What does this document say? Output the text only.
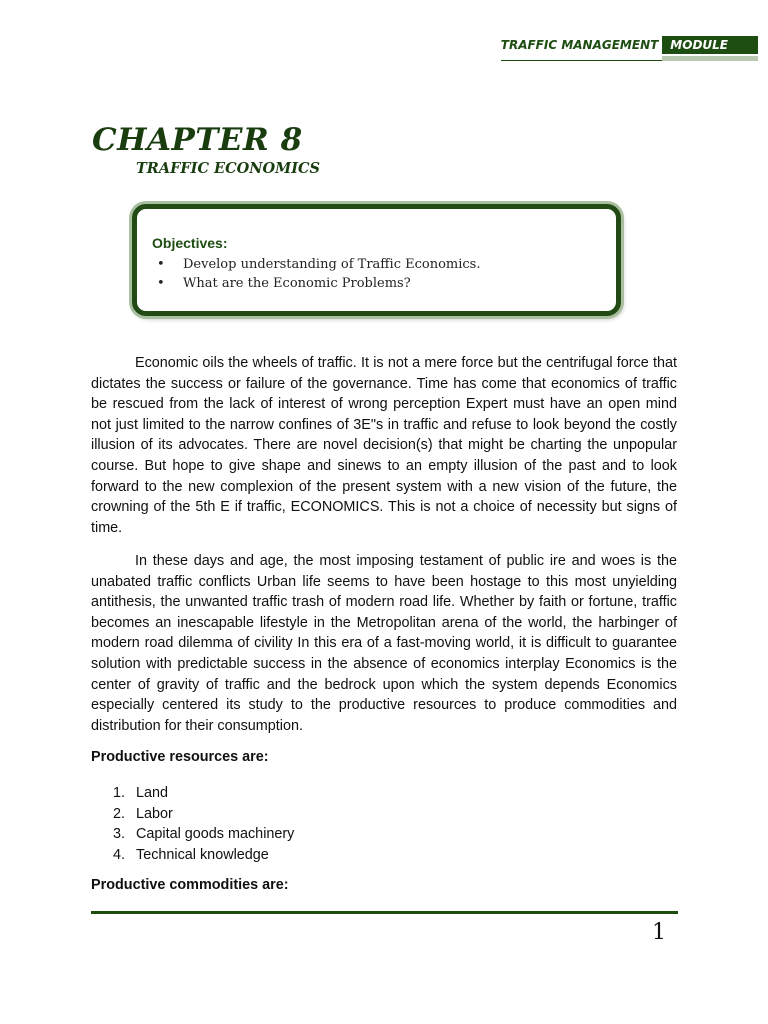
TRAFFIC MANAGEMENT	MODULE
CHAPTER 8
TRAFFIC ECONOMICS
Objectives:
•	Develop understanding of Traffic Economics.
•	What are the Economic Problems?

Economic oils the wheels of traffic. It is not a mere force but the centrifugal force that dictates the success or failure of the governance. Time has come that economics of traffic be rescued from the lack of interest of wrong perception Expert must have an open mind not just limited to the narrow confines of 3E"s in traffic and refuse to look beyond the costly illusion of its advocates. There are novel decision(s) that might be charting the unpopular course. But hope to give shape and sinews to an empty illusion of the past and to look forward to the new complexion of the present system with a new vision of the future, the crowning of the 5th E if traffic, ECONOMICS. This is not a choice of necessity but signs of time.

In these days and age, the most imposing testament of public ire and woes is the unabated traffic conflicts Urban life seems to have been hostage to this most unyielding antithesis, the unwanted traffic trash of modern road life. Whether by faith or fortune, traffic becomes an inescapable lifestyle in the Metropolitan arena of the world, the harbinger of modern road dilemma of civility In this era of a fast-moving world, it is difficult to guarantee solution with predictable success in the absence of economics interplay Economics is the center of gravity of traffic and the bedrock upon which the system depends Economics especially centered its study to the productive resources to produce commodities and distribution for their consumption.

Productive resources are:

1. Land
2. Labor
3. Capital goods machinery
4. Technical knowledge

Productive commodities are:

1
